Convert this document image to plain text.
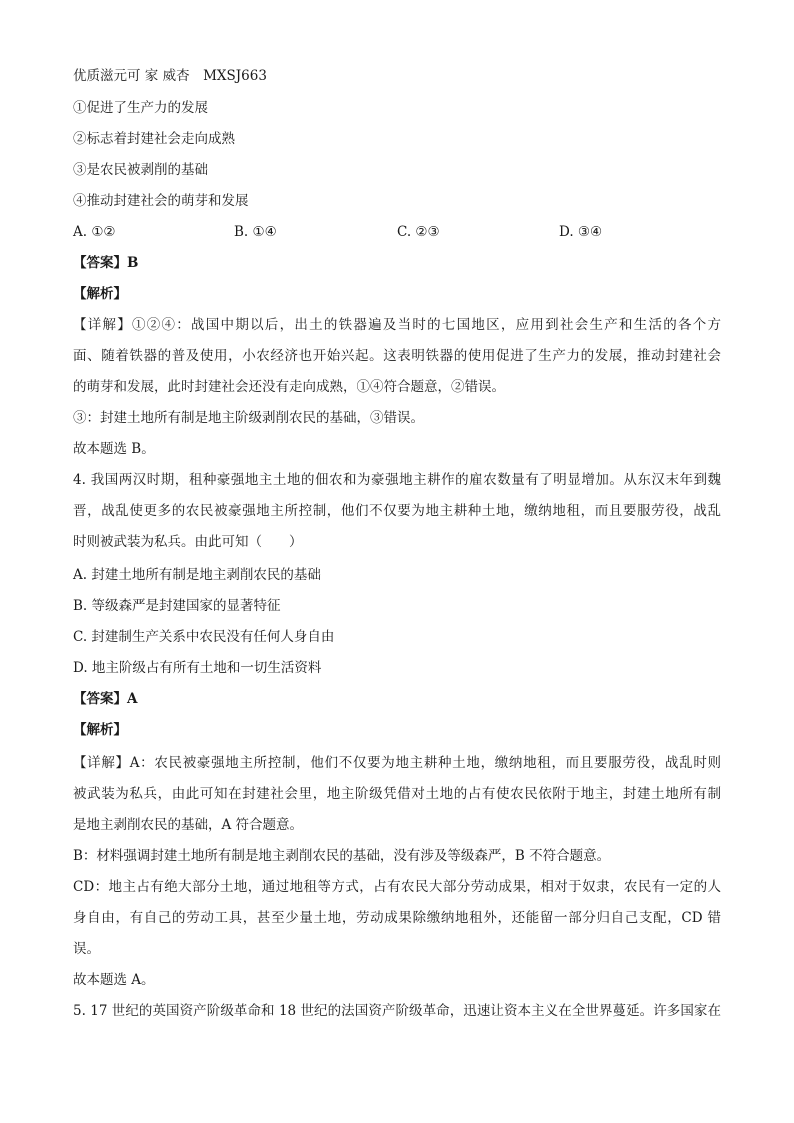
优质滋元可 家 威杏　MXSJ663
①促进了生产力的发展
②标志着封建社会走向成熟
③是农民被剥削的基础
④推动封建社会的萌芽和发展
A. ①②	B. ①④	C. ②③	D. ③④
【答案】B
【解析】
【详解】①②④：战国中期以后，出土的铁器遍及当时的七国地区，应用到社会生产和生活的各个方
面、随着铁器的普及使用，小农经济也开始兴起。这表明铁器的使用促进了生产力的发展，推动封建社会
的萌芽和发展，此时封建社会还没有走向成熟，①④符合题意，②错误。
③：封建土地所有制是地主阶级剥削农民的基础，③错误。
故本题选 B。
4. 我国两汉时期，租种豪强地主土地的佃农和为豪强地主耕作的雇农数量有了明显增加。从东汉末年到魏
晋，战乱使更多的农民被豪强地主所控制，他们不仅要为地主耕种土地，缴纳地租，而且要服劳役，战乱
时则被武装为私兵。由此可知（　　）
A. 封建土地所有制是地主剥削农民的基础
B. 等级森严是封建国家的显著特征
C. 封建制生产关系中农民没有任何人身自由
D. 地主阶级占有所有土地和一切生活资料
【答案】A
【解析】
【详解】A：农民被豪强地主所控制，他们不仅要为地主耕种土地，缴纳地租，而且要服劳役，战乱时则
被武装为私兵，由此可知在封建社会里，地主阶级凭借对土地的占有使农民依附于地主，封建土地所有制
是地主剥削农民的基础，A 符合题意。
B：材料强调封建土地所有制是地主剥削农民的基础，没有涉及等级森严，B 不符合题意。
CD：地主占有绝大部分土地，通过地租等方式，占有农民大部分劳动成果，相对于奴隶，农民有一定的人
身自由，有自己的劳动工具，甚至少量土地，劳动成果除缴纳地租外，还能留一部分归自己支配，CD 错
误。
故本题选 A。
5. 17 世纪的英国资产阶级革命和 18 世纪的法国资产阶级革命，迅速让资本主义在全世界蔓延。许多国家在
